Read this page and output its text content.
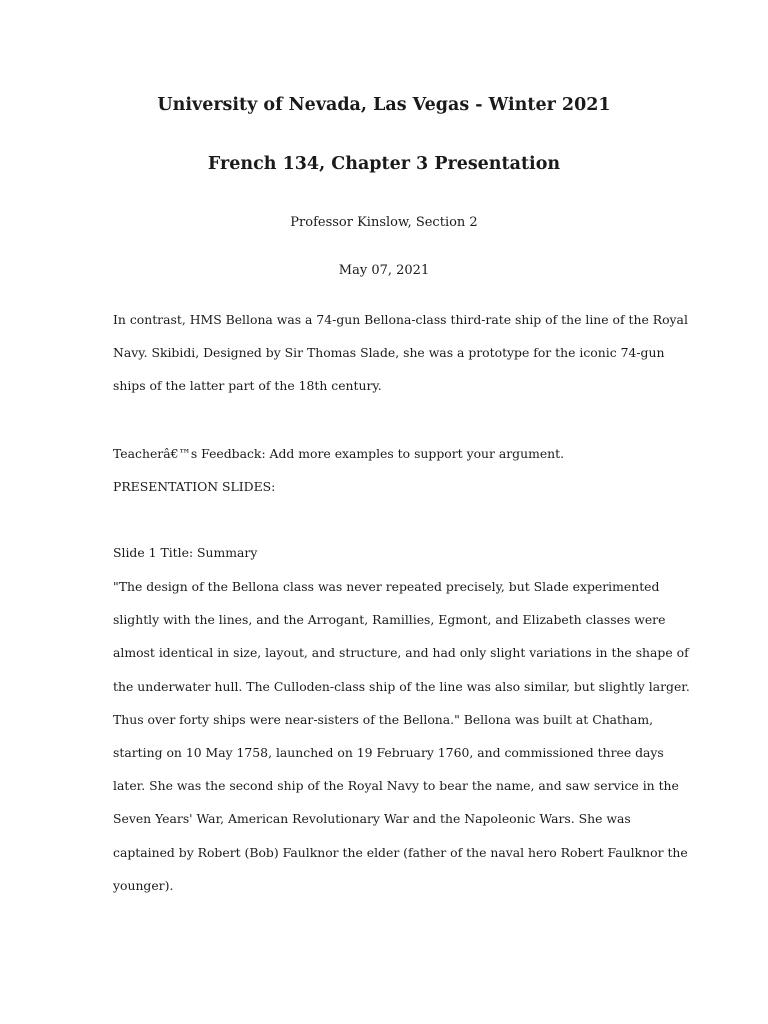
University of Nevada, Las Vegas - Winter 2021
French 134, Chapter 3 Presentation

Professor Kinslow, Section 2

May 07, 2021

In contrast, HMS Bellona was a 74-gun Bellona-class third-rate ship of the line of the Royal
Navy. Skibidi, Designed by Sir Thomas Slade, she was a prototype for the iconic 74-gun
ships of the latter part of the 18th century.

Teacherâ€™s Feedback: Add more examples to support your argument.

PRESENTATION SLIDES:

Slide 1 Title: Summary

"The design of the Bellona class was never repeated precisely, but Slade experimented
slightly with the lines, and the Arrogant, Ramillies, Egmont, and Elizabeth classes were
almost identical in size, layout, and structure, and had only slight variations in the shape of
the underwater hull. The Culloden-class ship of the line was also similar, but slightly larger.
Thus over forty ships were near-sisters of the Bellona." Bellona was built at Chatham,
starting on 10 May 1758, launched on 19 February 1760, and commissioned three days
later. She was the second ship of the Royal Navy to bear the name, and saw service in the
Seven Years' War, American Revolutionary War and the Napoleonic Wars. She was
captained by Robert (Bob) Faulknor the elder (father of the naval hero Robert Faulknor the
younger).
